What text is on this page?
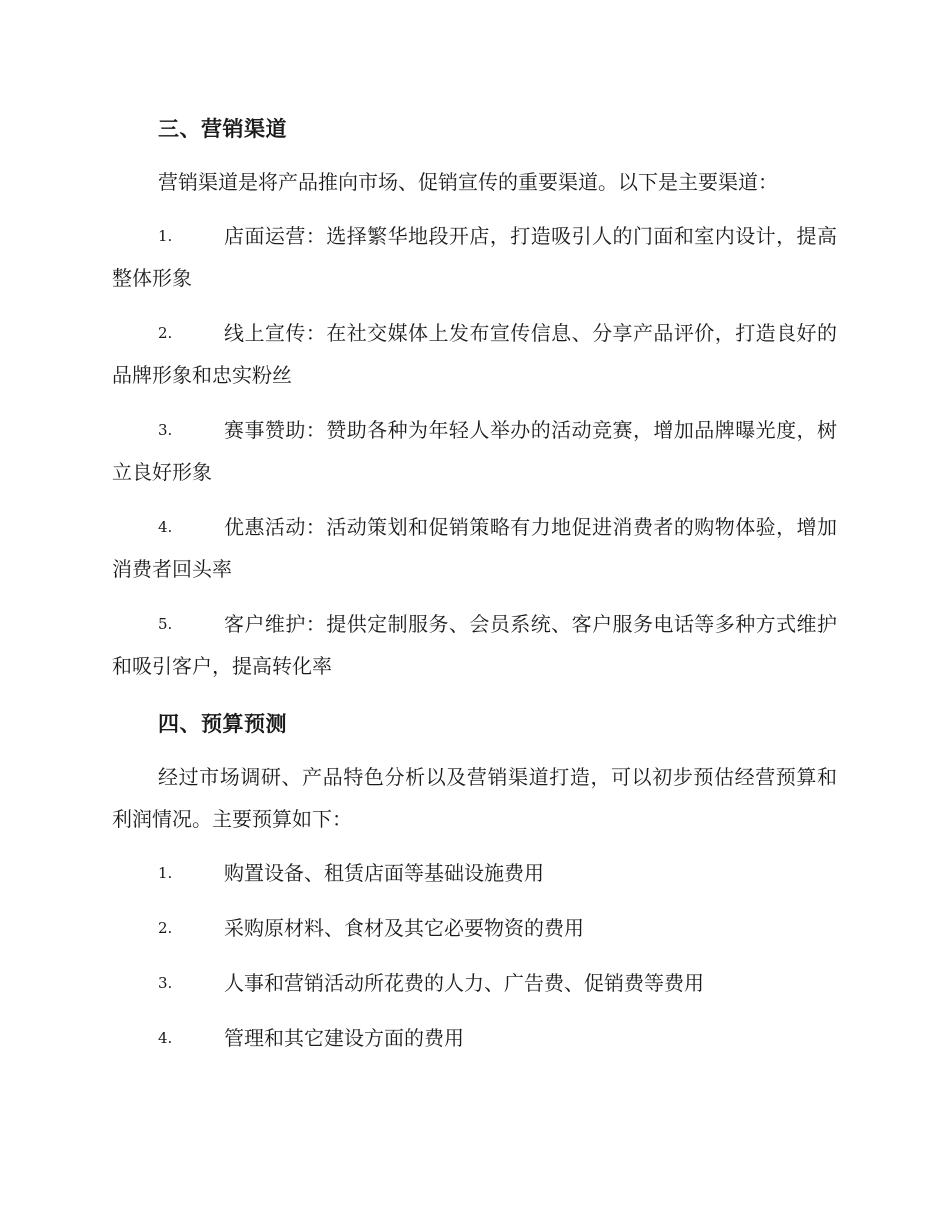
三、营销渠道
营销渠道是将产品推向市场、促销宣传的重要渠道。以下是主要渠道：
1.	店面运营：选择繁华地段开店，打造吸引人的门面和室内设计，提高整体形象
2.	线上宣传：在社交媒体上发布宣传信息、分享产品评价，打造良好的品牌形象和忠实粉丝
3.	赛事赞助：赞助各种为年轻人举办的活动竞赛，增加品牌曝光度，树立良好形象
4.	优惠活动：活动策划和促销策略有力地促进消费者的购物体验，增加消费者回头率
5.	客户维护：提供定制服务、会员系统、客户服务电话等多种方式维护和吸引客户，提高转化率
四、预算预测
经过市场调研、产品特色分析以及营销渠道打造，可以初步预估经营预算和利润情况。主要预算如下：
1.	购置设备、租赁店面等基础设施费用
2.	采购原材料、食材及其它必要物资的费用
3.	人事和营销活动所花费的人力、广告费、促销费等费用
4.	管理和其它建设方面的费用
